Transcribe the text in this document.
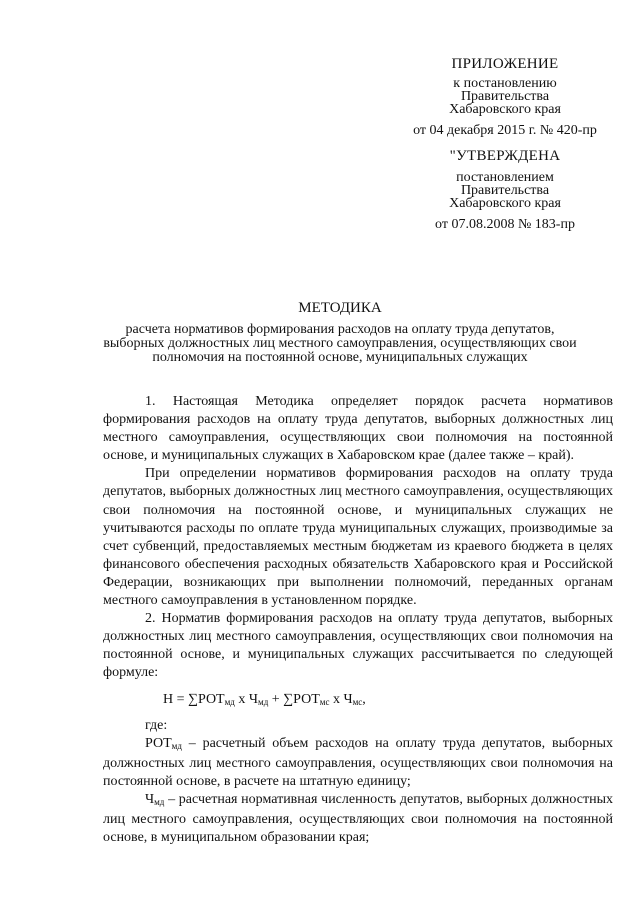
ПРИЛОЖЕНИЕ
к постановлению
Правительства
Хабаровского края
от 04 декабря 2015 г. № 420-пр
"УТВЕРЖДЕНА
постановлением
Правительства
Хабаровского края
от 07.08.2008 № 183-пр
МЕТОДИКА
расчета нормативов формирования расходов на оплату труда депутатов, выборных должностных лиц местного самоуправления, осуществляющих свои полномочия на постоянной основе, муниципальных служащих

1. Настоящая Методика определяет порядок расчета нормативов формирования расходов на оплату труда депутатов, выборных должностных лиц местного самоуправления, осуществляющих свои полномочия на постоянной основе, и муниципальных служащих в Хабаровском крае (далее также – край).

При определении нормативов формирования расходов на оплату труда депутатов, выборных должностных лиц местного самоуправления, осуществляющих свои полномочия на постоянной основе, и муниципальных служащих не учитываются расходы по оплате труда муниципальных служащих, производимые за счет субвенций, предоставляемых местным бюджетам из краевого бюджета в целях финансового обеспечения расходных обязательств Хабаровского края и Российской Федерации, возникающих при выполнении полномочий, переданных органам местного самоуправления в установленном порядке.

2. Норматив формирования расходов на оплату труда депутатов, выборных должностных лиц местного самоуправления, осуществляющих свои полномочия на постоянной основе, и муниципальных служащих рассчитывается по следующей формуле:

$Н = \sum РОТ_{мд}$ x $Ч_{мд} + \sum РОТ_{мс}$ x $Ч_{мс}$,

где:

$РОТ_{мд}$ – расчетный объем расходов на оплату труда депутатов, выборных должностных лиц местного самоуправления, осуществляющих свои полномочия на постоянной основе, в расчете на штатную единицу;

$Ч_{мд}$ – расчетная нормативная численность депутатов, выборных должностных лиц местного самоуправления, осуществляющих свои полномочия на постоянной основе, в муниципальном образовании края;
